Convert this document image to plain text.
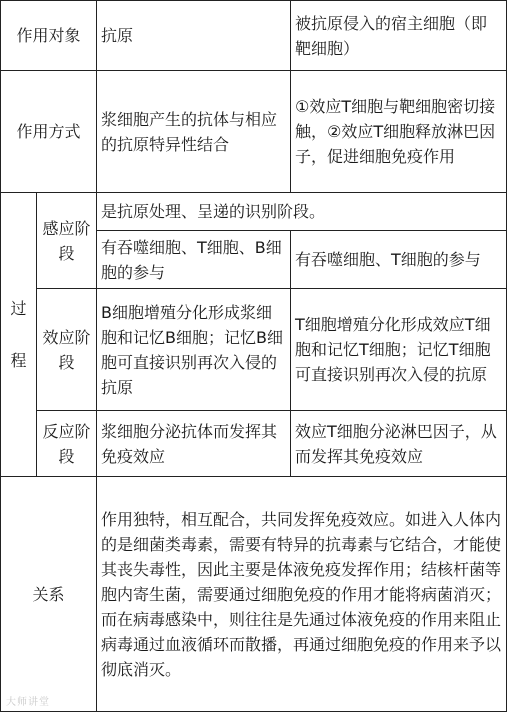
作用对象		抗原	被抗原侵入的宿主细胞（即靶细胞）
作用方式		浆细胞产生的抗体与相应的抗原特异性结合	①效应T细胞与靶细胞密切接触，②效应T细胞释放淋巴因子，促进细胞免疫作用

过
程	感应阶段	是抗原处理、呈递的识别阶段。	
		有吞噬细胞、T细胞、B细胞的参与	有吞噬细胞、T细胞的参与
	效应阶段	B细胞增殖分化形成浆细胞和记忆B细胞；记忆B细胞可直接识别再次入侵的抗原	T细胞增殖分化形成效应T细胞和记忆T细胞；记忆T细胞可直接识别再次入侵的抗原
	反应阶段	浆细胞分泌抗体而发挥其免疫效应	效应T细胞分泌淋巴因子，从而发挥其免疫效应

关系		作用独特，相互配合，共同发挥免疫效应。如进入人体内的是细菌类毒素，需要有特异的抗毒素与它结合，才能使其丧失毒性，因此主要是体液免疫发挥作用；结核杆菌等胞内寄生菌，需要通过细胞免疫的作用才能将病菌消灭；而在病毒感染中，则往往是先通过体液免疫的作用来阻止病毒通过血液循环而散播，再通过细胞免疫的作用来予以彻底消灭。	
大师讲堂
